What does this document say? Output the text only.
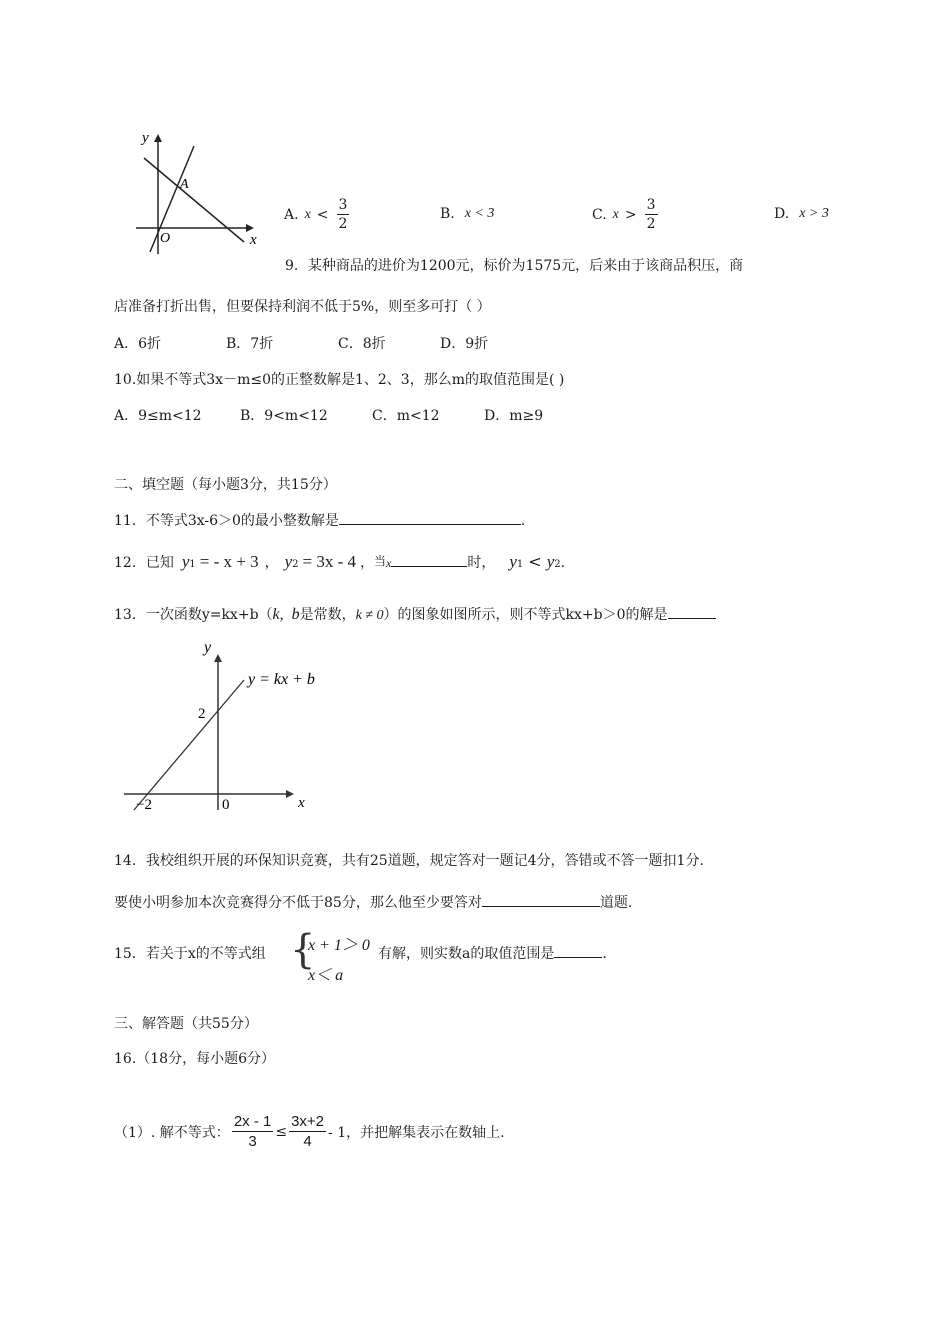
y
x
A
O
A. $x < \frac{3}{2}$	B. x < 3	C. $x > \frac{3}{2}$	D. x > 3
9．某种商品的进价为1200元，标价为1575元，后来由于该商品积压，商
店准备打折出售，但要保持利润不低于5%，则至多可打（ ）
A．6折	B．7折	C．8折	D．9折
10.如果不等式3x－m≤0的正整数解是1、2、3，那么m的取值范围是( )
A．9≤m<12	B．9<m<12	C．m<12	D．m≥9
二、填空题（每小题3分，共15分）
11．不等式3x-6＞0的最小整数解是	.
12．已知 y 1 = - x + 3 ， y 2 = 3x - 4 ， 当 x	时， y 1 < y 2 .
13．一次函数y=kx+b（ k, b 是常数， k ≠ 0 ）的图象如图所示，则不等式kx+b＞0的解是
y
x
y = kx + b
2
−2	0
14．我校组织开展的环保知识竞赛，共有25道题，规定答对一题记4分，答错或不答一题扣1分.
要使小明参加本次竞赛得分不低于85分，那么他至少要答对	道题.
15．若关于x的不等式组 {
x + 1＞ 0
x＜ a
有解，则实数a的取值范围是	.
三、解答题（共55分）
16.（18分，每小题6分）
（1）. 解不等式： $\frac{2x - 1}{3} \le \frac{3x+2}{4} - 1$，并把解集表示在数轴上.
